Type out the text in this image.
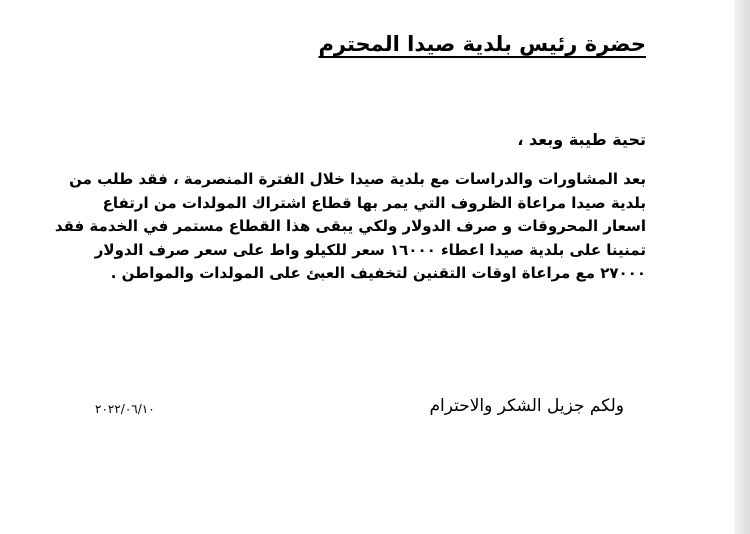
حضرة رئيس بلدية صيدا المحترم
تحية طيبة وبعد ،
بعد المشاورات والدراسات مع بلدية صيدا خلال الفترة المنصرمة ، فقد طلب من
بلدية صيدا مراعاة الظروف التي يمر بها قطاع اشتراك المولدات من ارتفاع
اسعار المحروقات و صرف الدولار ولكي يبقى هذا القطاع مستمر في الخدمة فقد
تمنينا على بلدية صيدا اعطاء ١٦٠٠٠ سعر للكيلو واط على سعر صرف الدولار
٢٧٠٠٠ مع مراعاة اوقات التقنين لتخفيف العبئ على المولدات والمواطن .
ولكم جزيل الشكر والاحترام
٢٠٢٢/٠٦/١٠
